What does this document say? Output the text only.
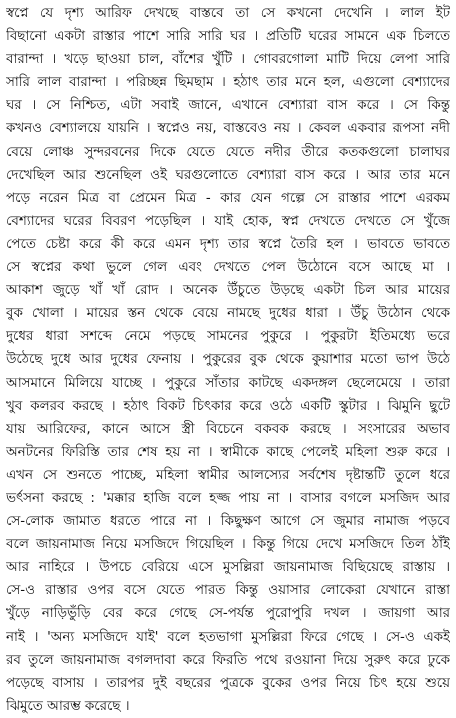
স্বপ্নে যে দৃশ্য আরিফ দেখছে বাস্তবে তা সে কখনো দেখেনি । লাল ইট
বিছানো একটা রাস্তার পাশে সারি সারি ঘর । প্রতিটি ঘরের সামনে এক চিলতে
বারান্দা । খড়ে ছাওয়া চাল, বাঁশের খুঁটি । গোবরগোলা মাটি দিয়ে লেপা সারি
সারি লাল বারান্দা । পরিচ্ছন্ন ছিমছাম । হঠাৎ তার মনে হল, এগুলো বেশ্যাদের
ঘর । সে নিশ্চিত, এটা সবাই জানে, এখানে বেশ্যারা বাস করে । সে কিন্তু
কখনও বেশ্যালয়ে যায়নি । স্বপ্নেও নয়, বাস্তবেও নয় । কেবল একবার রূপসা নদী
বেয়ে লোঞ্চ সুন্দরবনের দিকে যেতে যেতে নদীর তীরে কতকগুলো চালাঘর
দেখেছিল আর শুনেছিল ওই ঘরগুলোতে বেশ্যারা বাস করে । আর তার মনে
পড়ে নরেন মিত্র বা প্রেমেন মিত্র - কার যেন গল্পে সে রাস্তার পাশে এরকম
বেশ্যাদের ঘরের বিবরণ পড়েছিল । যাই হোক, স্বপ্ন দেখতে দেখতে সে খুঁজে
পেতে চেষ্টা করে কী করে এমন দৃশ্য তার স্বপ্নে তৈরি হল । ভাবতে ভাবতে
সে স্বপ্নের কথা ভুলে গেল এবং দেখতে পেল উঠোনে বসে আছে মা ।
আকাশ জুড়ে খাঁ খাঁ রোদ । অনেক উঁচুতে উড়ছে একটা চিল আর মায়ের
বুক খোলা । মায়ের স্তন থেকে বেয়ে নামছে দুধের ধারা । উঁচু উঠোন থেকে
দুধের ধারা সশব্দে নেমে পড়ছে সামনের পুকুরে । পুকুরটা ইতিমধ্যে ভরে
উঠেছে দুধে আর দুধের ফেনায় । পুকুরের বুক থেকে কুয়াশার মতো ভাপ উঠে
আসমানে মিলিয়ে যাচ্ছে । পুকুরে সাঁতার কাটছে একদঙ্গল ছেলেমেয়ে । তারা
খুব কলরব করছে । হঠাৎ বিকট চিৎকার করে ওঠে একটি স্কুটার । ঝিমুনি ছুটে
যায় আরিফের, কানে আসে স্ত্রী বিচেনে বকবক করছে । সংসারের অভাব
অনটনের ফিরিস্তি তার শেষ হয় না । স্বামীকে কাছে পেলেই মহিলা শুরু করে ।
এখন সে শুনতে পাচ্ছে, মহিলা স্বামীর আলস্যের সর্বশেষ দৃষ্টান্তটি তুলে ধরে
ভর্ৎসনা করছে : 'মক্কার হাজি বলে হজ্জ পায় না । বাসার বগলে মসজিদ আর
সে-লোক জামাত ধরতে পারে না । কিছুক্ষণ আগে সে জুমার নামাজ পড়বে
বলে জায়নামাজ নিয়ে মসজিদে গিয়েছিল । কিন্তু গিয়ে দেখে মসজিদে তিল ঠাঁই
আর নাহিরে । উপচে বেরিয়ে এসে মুসল্লিরা জায়নামাজ বিছিয়েছে রাস্তায় ।
সে-ও রাস্তার ওপর বসে যেতে পারত কিন্তু ওয়াসার লোকেরা যেখানে রাস্তা
খুঁড়ে নাড়িভুঁড়ি বের করে গেছে সে-পর্যন্ত পুরোপুরি দখল । জায়গা আর
নাই । 'অন্য মসজিদে যাই' বলে হতভাগা মুসল্লিরা ফিরে গেছে । সে-ও একই
রব তুলে জায়নামাজ বগলদাবা করে ফিরতি পথে রওয়ানা দিয়ে সুরুৎ করে ঢুকে
পড়েছে বাসায় । তারপর দুই বছরের পুত্রকে বুকের ওপর নিয়ে চিৎ হয়ে শুয়ে
ঝিমুতে আরম্ভ করেছে ।
